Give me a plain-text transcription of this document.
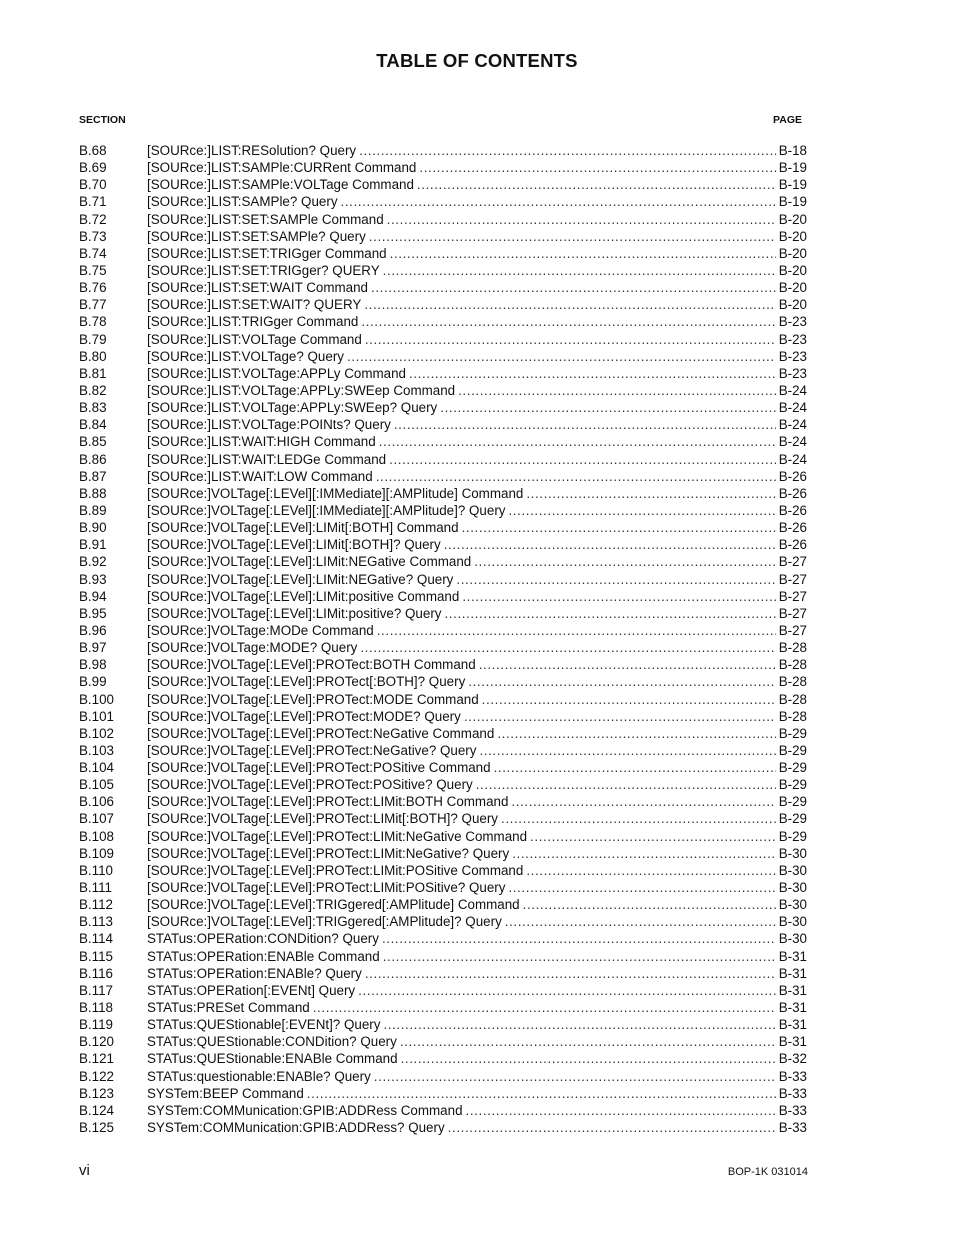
TABLE OF CONTENTS
SECTION	PAGE
B.68	[SOURce:]LIST:RESolution? Query .....	B-18
B.69	[SOURce:]LIST:SAMPle:CURRent Command .....	B-19
B.70	[SOURce:]LIST:SAMPle:VOLTage Command .....	B-19
B.71	[SOURce:]LIST:SAMPle? Query .....	B-19
B.72	[SOURce:]LIST:SET:SAMPle Command .....	B-20
B.73	[SOURce:]LIST:SET:SAMPle? Query .....	B-20
B.74	[SOURce:]LIST:SET:TRIGger Command .....	B-20
B.75	[SOURce:]LIST:SET:TRIGger? QUERY .....	B-20
B.76	[SOURce:]LIST:SET:WAIT Command .....	B-20
B.77	[SOURce:]LIST:SET:WAIT? QUERY .....	B-20
B.78	[SOURce:]LIST:TRIGger Command .....	B-23
B.79	[SOURce:]LIST:VOLTage Command .....	B-23
B.80	[SOURce:]LIST:VOLTage? Query .....	B-23
B.81	[SOURce:]LIST:VOLTage:APPLy Command .....	B-23
B.82	[SOURce:]LIST:VOLTage:APPLy:SWEep Command .....	B-24
B.83	[SOURce:]LIST:VOLTage:APPLy:SWEep? Query .....	B-24
B.84	[SOURce:]LIST:VOLTage:POINts? Query .....	B-24
B.85	[SOURce:]LIST:WAIT:HIGH Command .....	B-24
B.86	[SOURce:]LIST:WAIT:LEDGe Command .....	B-24
B.87	[SOURce:]LIST:WAIT:LOW Command .....	B-26
B.88	[SOURce:]VOLTage[:LEVel][:IMMediate][:AMPlitude] Command .....	B-26
B.89	[SOURce:]VOLTage[:LEVel][:IMMediate][:AMPlitude]? Query .....	B-26
B.90	[SOURce:]VOLTage[:LEVel]:LIMit[:BOTH] Command .....	B-26
B.91	[SOURce:]VOLTage[:LEVel]:LIMit[:BOTH]? Query .....	B-26
B.92	[SOURce:]VOLTage[:LEVel]:LIMit:NEGative Command .....	B-27
B.93	[SOURce:]VOLTage[:LEVel]:LIMit:NEGative? Query .....	B-27
B.94	[SOURce:]VOLTage[:LEVel]:LIMit:positive Command .....	B-27
B.95	[SOURce:]VOLTage[:LEVel]:LIMit:positive? Query .....	B-27
B.96	[SOURce:]VOLTage:MODe Command .....	B-27
B.97	[SOURce:]VOLTage:MODE? Query .....	B-28
B.98	[SOURce:]VOLTage[:LEVel]:PROTect:BOTH Command .....	B-28
B.99	[SOURce:]VOLTage[:LEVel]:PROTect[:BOTH]? Query .....	B-28
B.100	[SOURce:]VOLTage[:LEVel]:PROTect:MODE Command .....	B-28
B.101	[SOURce:]VOLTage[:LEVel]:PROTect:MODE? Query .....	B-28
B.102	[SOURce:]VOLTage[:LEVel]:PROTect:NeGative Command .....	B-29
B.103	[SOURce:]VOLTage[:LEVel]:PROTect:NeGative? Query .....	B-29
B.104	[SOURce:]VOLTage[:LEVel]:PROTect:POSitive Command .....	B-29
B.105	[SOURce:]VOLTage[:LEVel]:PROTect:POSitive? Query .....	B-29
B.106	[SOURce:]VOLTage[:LEVel]:PROTect:LIMit:BOTH Command .....	B-29
B.107	[SOURce:]VOLTage[:LEVel]:PROTect:LIMit[:BOTH]? Query .....	B-29
B.108	[SOURce:]VOLTage[:LEVel]:PROTect:LIMit:NeGative Command .....	B-29
B.109	[SOURce:]VOLTage[:LEVel]:PROTect:LIMit:NeGative? Query .....	B-30
B.110	[SOURce:]VOLTage[:LEVel]:PROTect:LIMit:POSitive Command .....	B-30
B.111	[SOURce:]VOLTage[:LEVel]:PROTect:LIMit:POSitive? Query .....	B-30
B.112	[SOURce:]VOLTage[:LEVel]:TRIGgered[:AMPlitude] Command .....	B-30
B.113	[SOURce:]VOLTage[:LEVel]:TRIGgered[:AMPlitude]? Query .....	B-30
B.114	STATus:OPERation:CONDition? Query .....	B-30
B.115	STATus:OPERation:ENABle Command .....	B-31
B.116	STATus:OPERation:ENABle? Query .....	B-31
B.117	STATus:OPERation[:EVENt] Query .....	B-31
B.118	STATus:PRESet Command .....	B-31
B.119	STATus:QUEStionable[:EVENt]? Query .....	B-31
B.120	STATus:QUEStionable:CONDition? Query .....	B-31
B.121	STATus:QUEStionable:ENABle Command .....	B-32
B.122	STATus:questionable:ENABle? Query .....	B-33
B.123	SYSTem:BEEP Command .....	B-33
B.124	SYSTem:COMMunication:GPIB:ADDRess Command .....	B-33
B.125	SYSTem:COMMunication:GPIB:ADDRess? Query .....	B-33
vi	BOP-1K 031014
